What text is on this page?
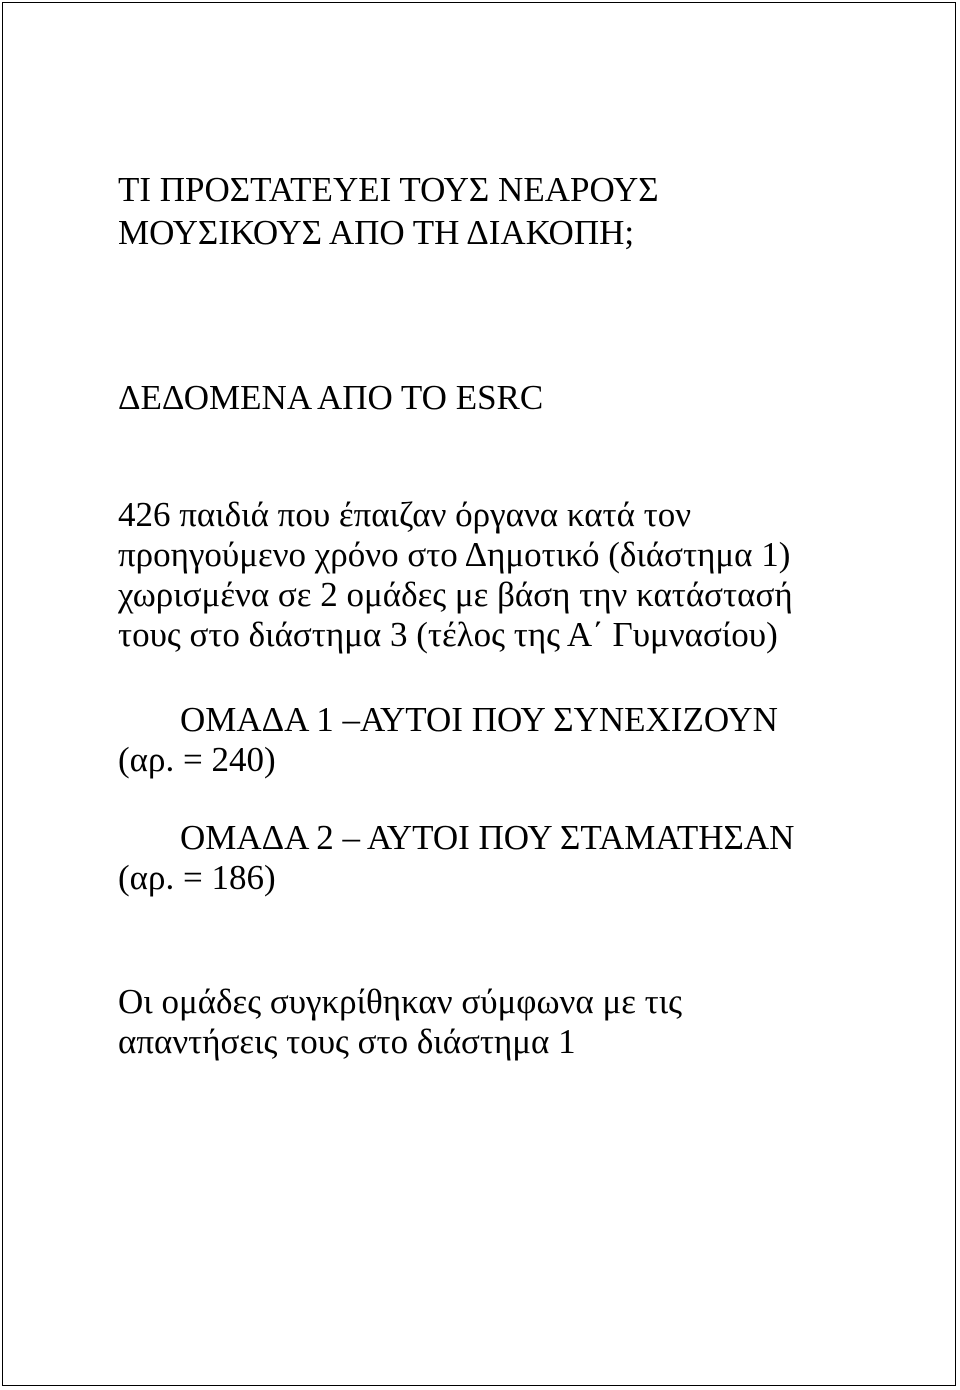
ΤΙ ΠΡΟΣΤΑΤΕΥΕΙ ΤΟΥΣ ΝΕΑΡΟΥΣ
ΜΟΥΣΙΚΟΥΣ ΑΠΟ ΤΗ ΔΙΑΚΟΠΗ;

ΔΕΔΟΜΕΝΑ ΑΠΟ ΤΟ ESRC

426 παιδιά που έπαιζαν όργανα κατά τον
προηγούμενο χρόνο στο Δημοτικό (διάστημα 1)
χωρισμένα σε 2 ομάδες με βάση την κατάστασή
τους στο διάστημα 3 (τέλος της Α΄ Γυμνασίου)

ΟΜΑΔΑ 1 –ΑΥΤΟΙ ΠΟΥ ΣΥΝΕΧΙΖΟΥΝ
(αρ. = 240)

ΟΜΑΔΑ 2 – ΑΥΤΟΙ ΠΟΥ ΣΤΑΜΑΤΗΣΑΝ
(αρ. = 186)

Οι ομάδες συγκρίθηκαν σύμφωνα με τις
απαντήσεις τους στο διάστημα 1
